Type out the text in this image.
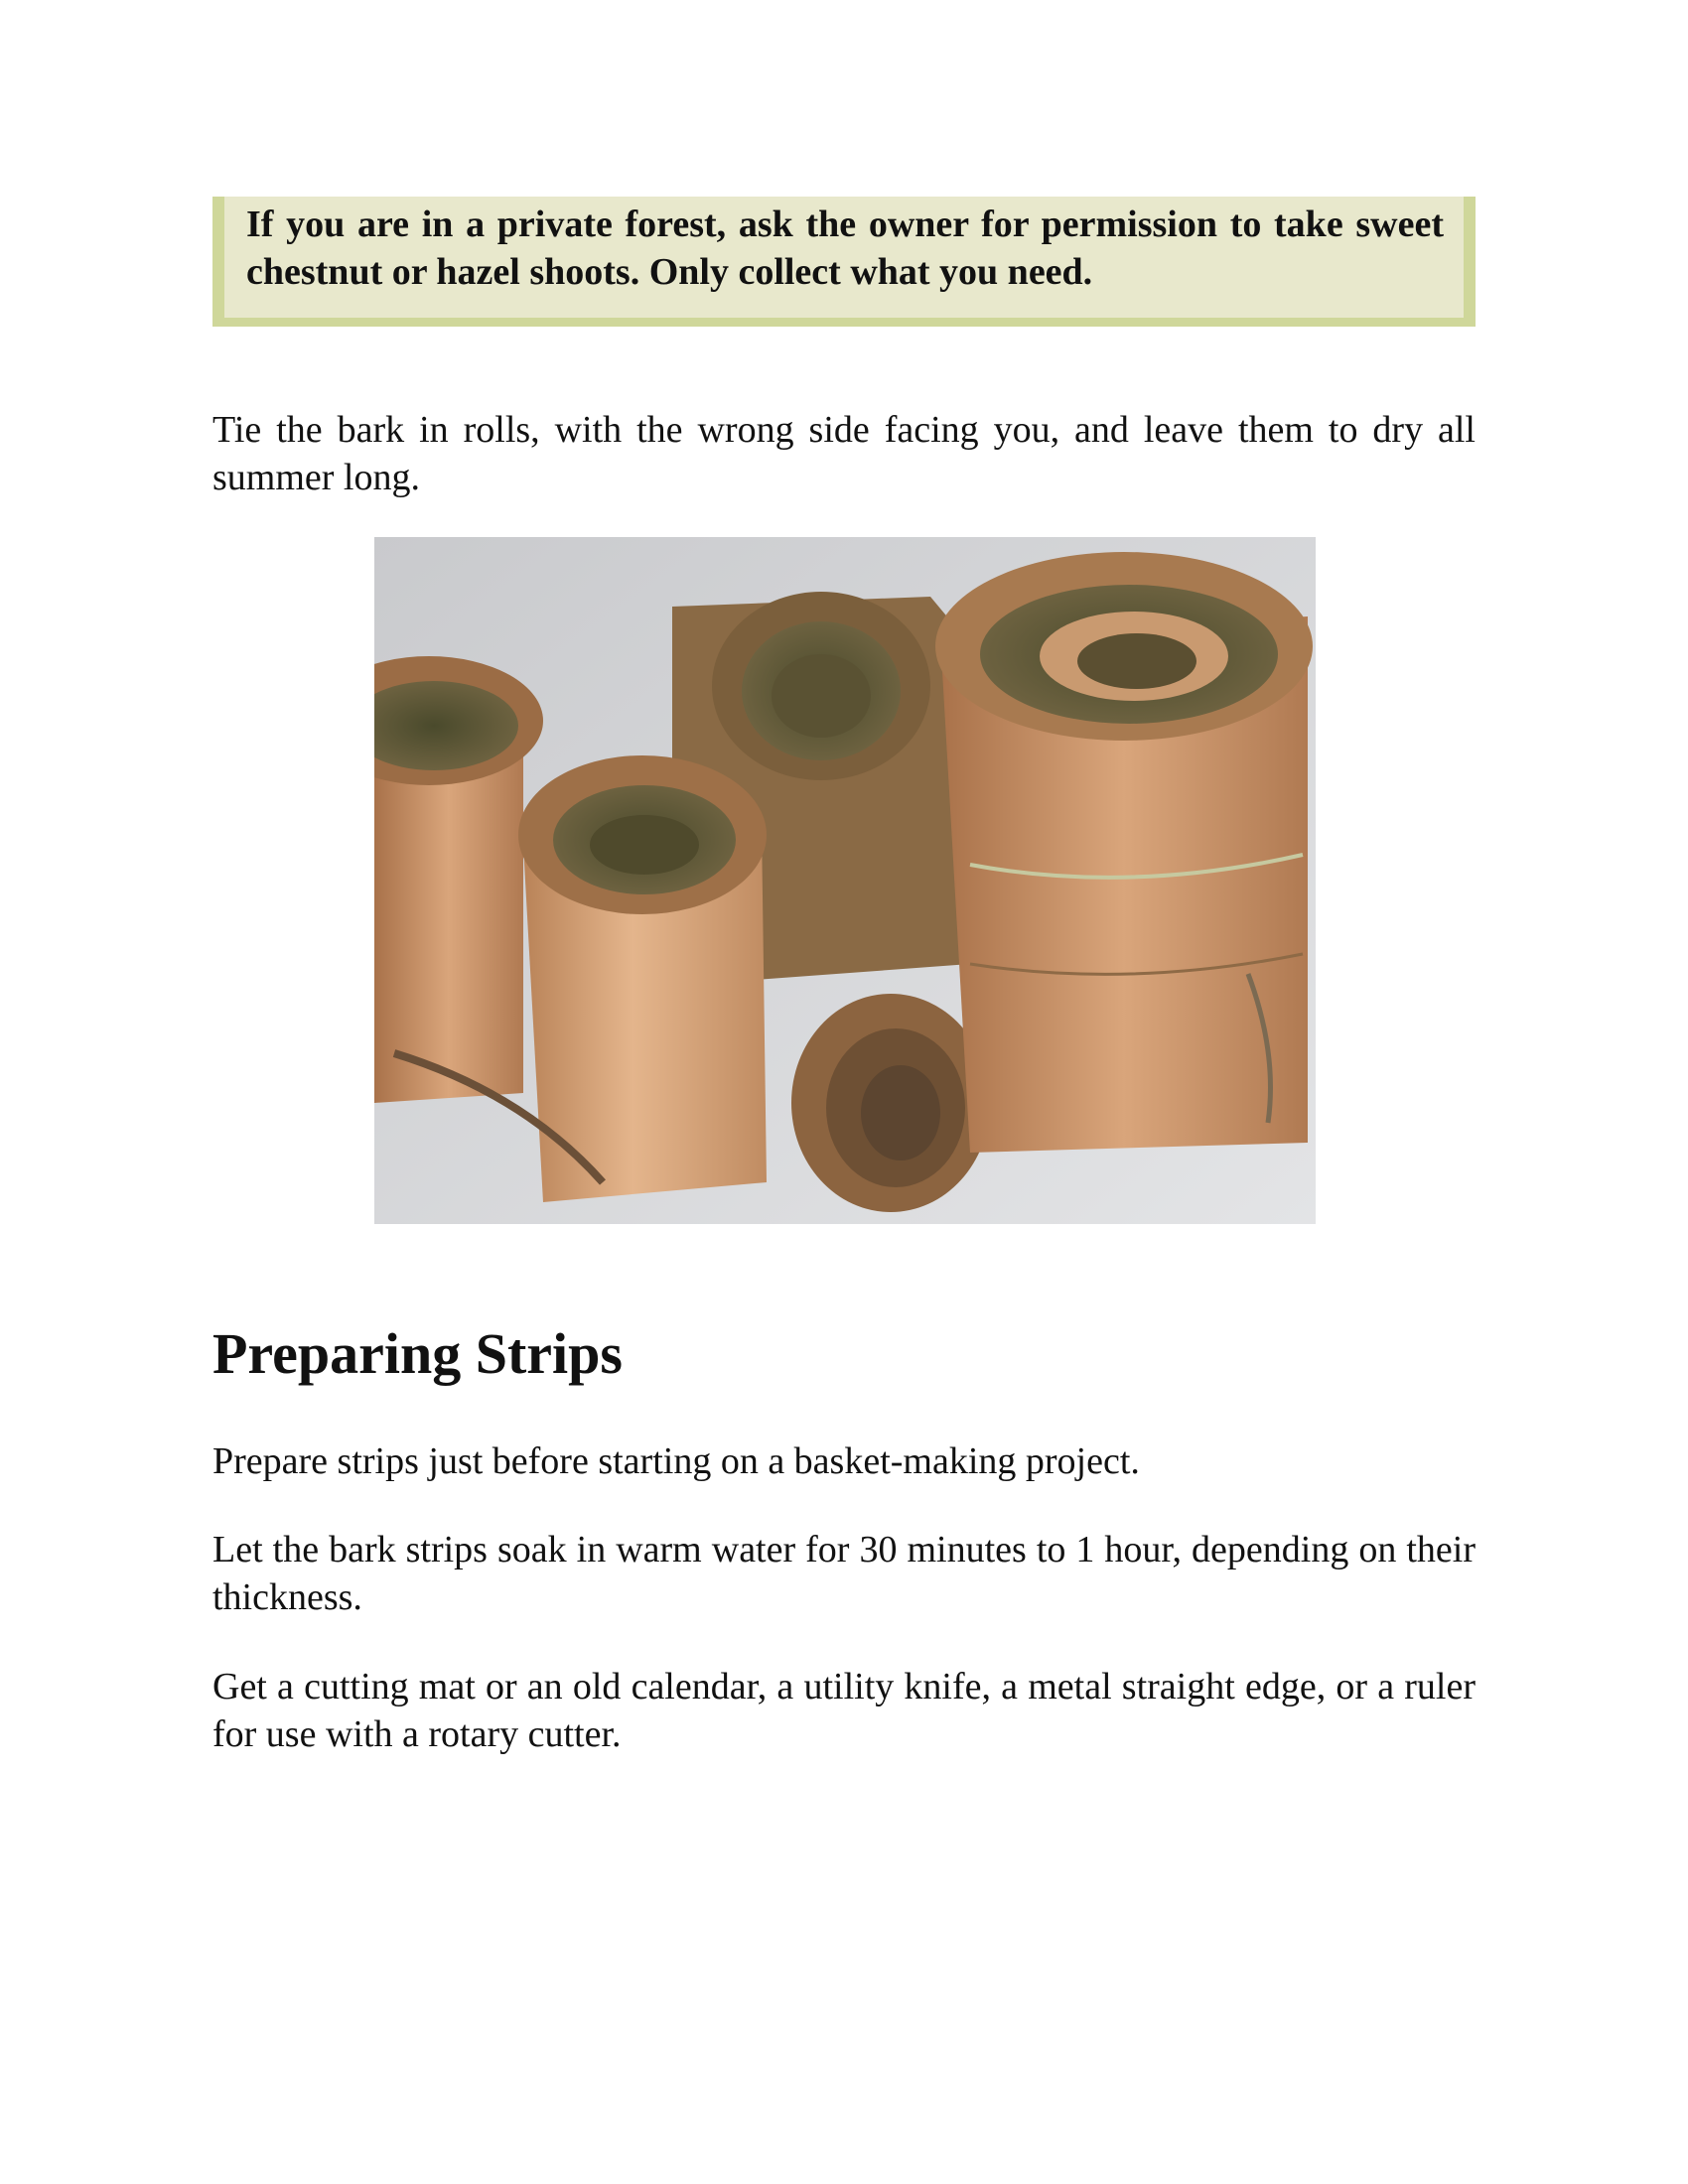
If you are in a private forest, ask the owner for permission to take sweet chestnut or hazel shoots. Only collect what you need.

Tie the bark in rolls, with the wrong side facing you, and leave them to dry all summer long.

Preparing Strips

Prepare strips just before starting on a basket-making project.

Let the bark strips soak in warm water for 30 minutes to 1 hour, depending on their thickness.

Get a cutting mat or an old calendar, a utility knife, a metal straight edge, or a ruler for use with a rotary cutter.
